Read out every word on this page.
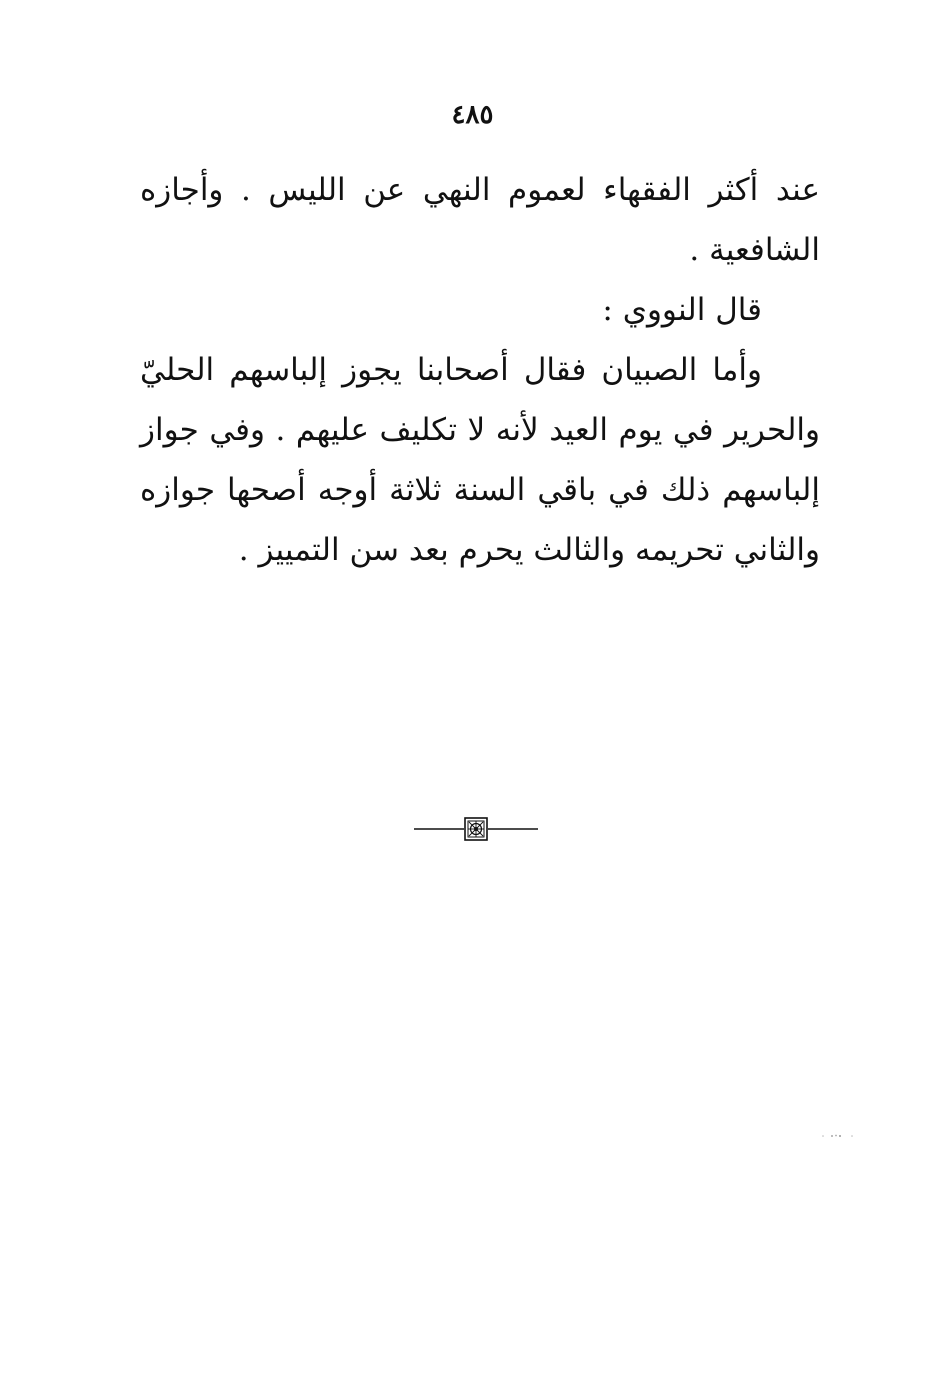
٤٨٥

عند أكثر الفقهاء لعموم النهي عن الليس . وأجازه الشافعية .

قال النووي :

وأما الصبيان فقال أصحابنا يجوز إلباسهم الحليّ والحرير في يوم العيد لأنه لا تكليف عليهم . وفي جواز إلباسهم ذلك في باقي السنة ثلاثة أوجه أصحها جوازه والثاني تحريمه والثالث يحرم بعد سن التمييز .
